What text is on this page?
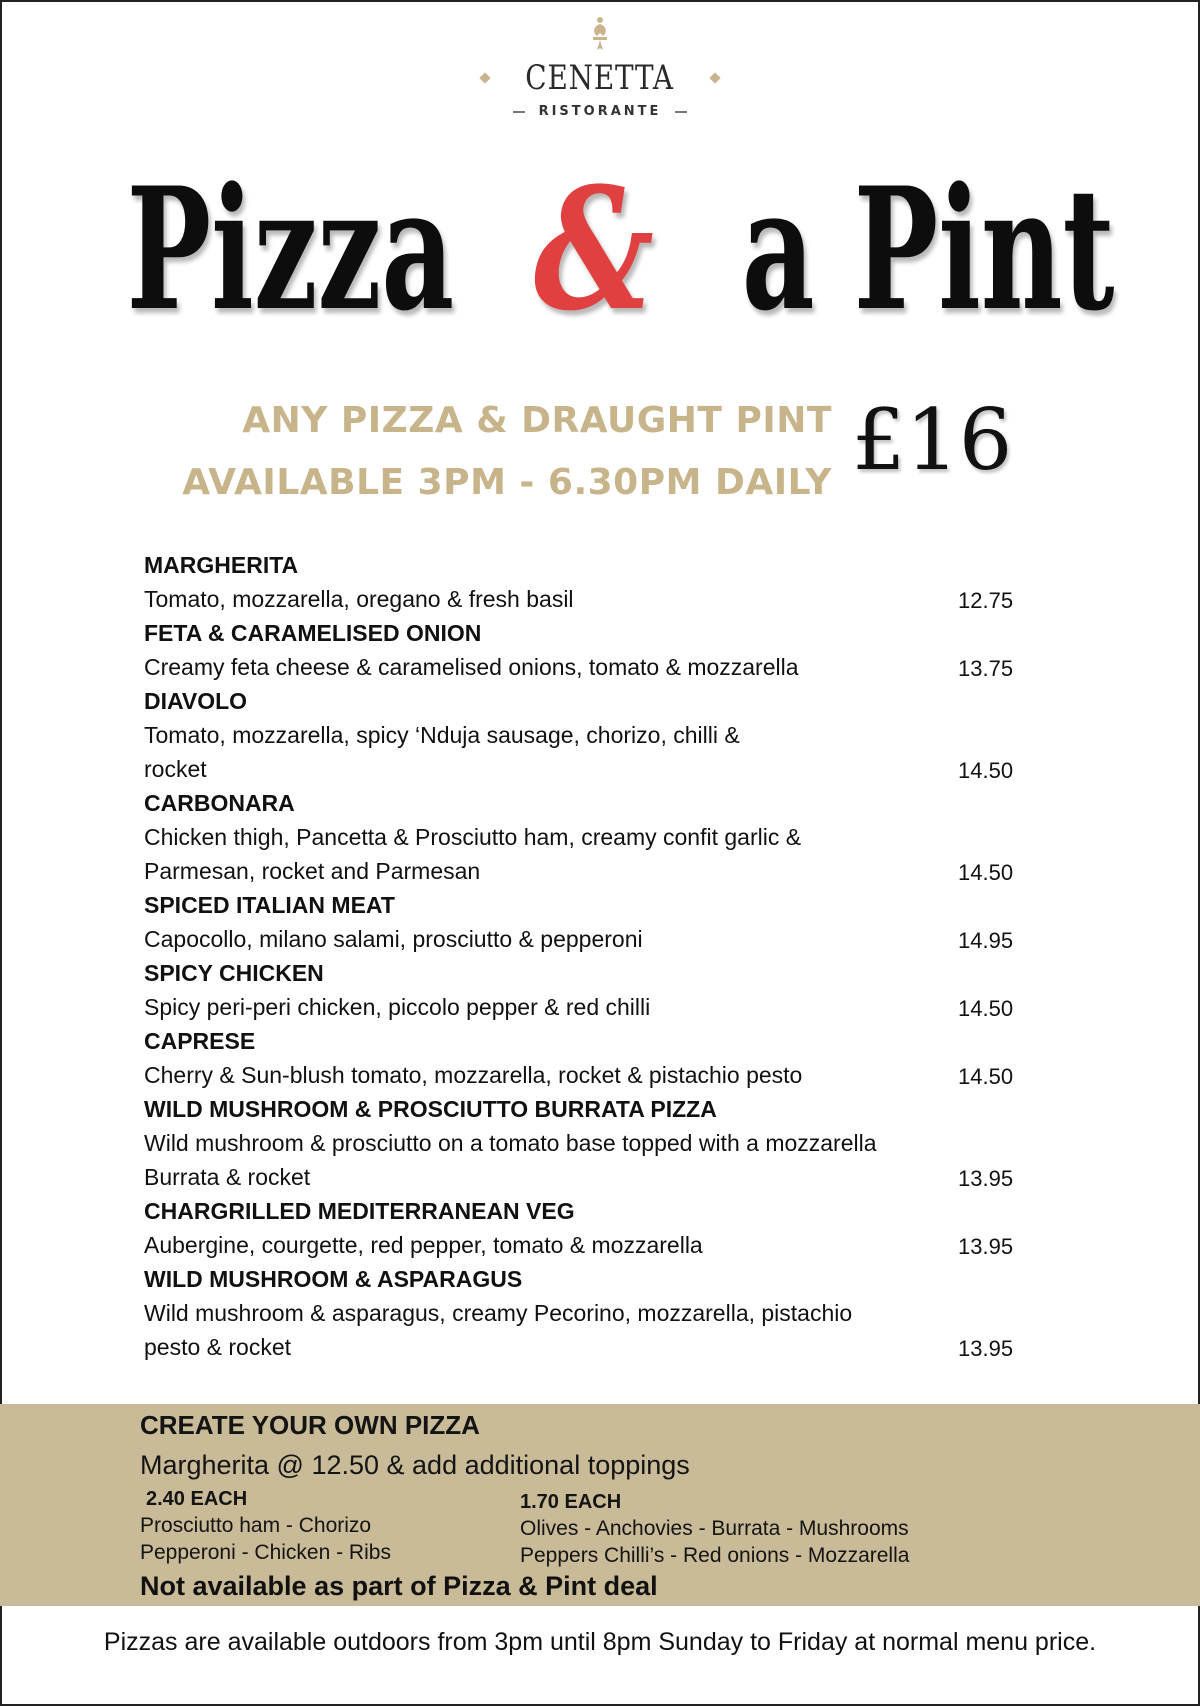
CENETTA
RISTORANTE
Pizza & a Pint
ANY PIZZA & DRAUGHT PINT
AVAILABLE 3PM - 6.30PM DAILY £16
MARGHERITA
Tomato, mozzarella, oregano & fresh basil	12.75
FETA & CARAMELISED ONION
Creamy feta cheese & caramelised onions, tomato & mozzarella	13.75
DIAVOLO
Tomato, mozzarella, spicy ‘Nduja sausage, chorizo, chilli & rocket	14.50
CARBONARA
Chicken thigh, Pancetta & Prosciutto ham, creamy confit garlic & Parmesan, rocket and Parmesan	14.50
SPICED ITALIAN MEAT
Capocollo, milano salami, prosciutto & pepperoni	14.95
SPICY CHICKEN
Spicy peri-peri chicken, piccolo pepper & red chilli	14.50
CAPRESE
Cherry & Sun-blush tomato, mozzarella, rocket & pistachio pesto	14.50
WILD MUSHROOM & PROSCIUTTO BURRATA PIZZA
Wild mushroom & prosciutto on a tomato base topped with a mozzarella Burrata & rocket	13.95
CHARGRILLED MEDITERRANEAN VEG
Aubergine, courgette, red pepper, tomato & mozzarella	13.95
WILD MUSHROOM & ASPARAGUS
Wild mushroom & asparagus, creamy Pecorino, mozzarella, pistachio pesto & rocket	13.95
CREATE YOUR OWN PIZZA
Margherita @ 12.50 & add additional toppings
2.40 EACH
Prosciutto ham - Chorizo
Pepperoni - Chicken - Ribs
1.70 EACH
Olives - Anchovies - Burrata - Mushrooms
Peppers Chilli’s - Red onions - Mozzarella
Not available as part of Pizza & Pint deal
Pizzas are available outdoors from 3pm until 8pm Sunday to Friday at normal menu price.
